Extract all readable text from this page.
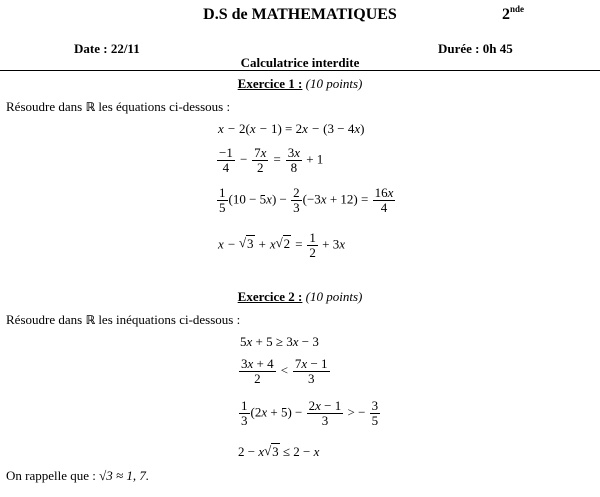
D.S de MATHEMATIQUES	2nde
Date : 22/11	Durée : 0h 45
Calculatrice interdite
Exercice 1 : (10 points)
Résoudre dans ℝ les équations ci-dessous :
x − 2(x − 1) = 2x − (3 − 4x)
$\frac{-1}{4} - \frac{7x}{2} = \frac{3x}{8} + 1$
$\frac{1}{5} (10 - 5x) - \frac{2}{3} (-3x + 12) = \frac{16x}{4}$
x − √ 3 + x √ $2 = \frac{1}{2} + 3x$
Exercice 2 : (10 points)
Résoudre dans ℝ les inéquations ci-dessous :
5x + 5 ≥ 3x − 3
$\frac{3x + 4}{2} < \frac{7x - 1}{3}$
$\frac{1}{3} (2x + 5) - \frac{2x - 1}{3}$ > − $\frac{3}{5}$
2 − x √ 3 ≤ 2 − x
On rappelle que : √3 ≈ 1, 7.
